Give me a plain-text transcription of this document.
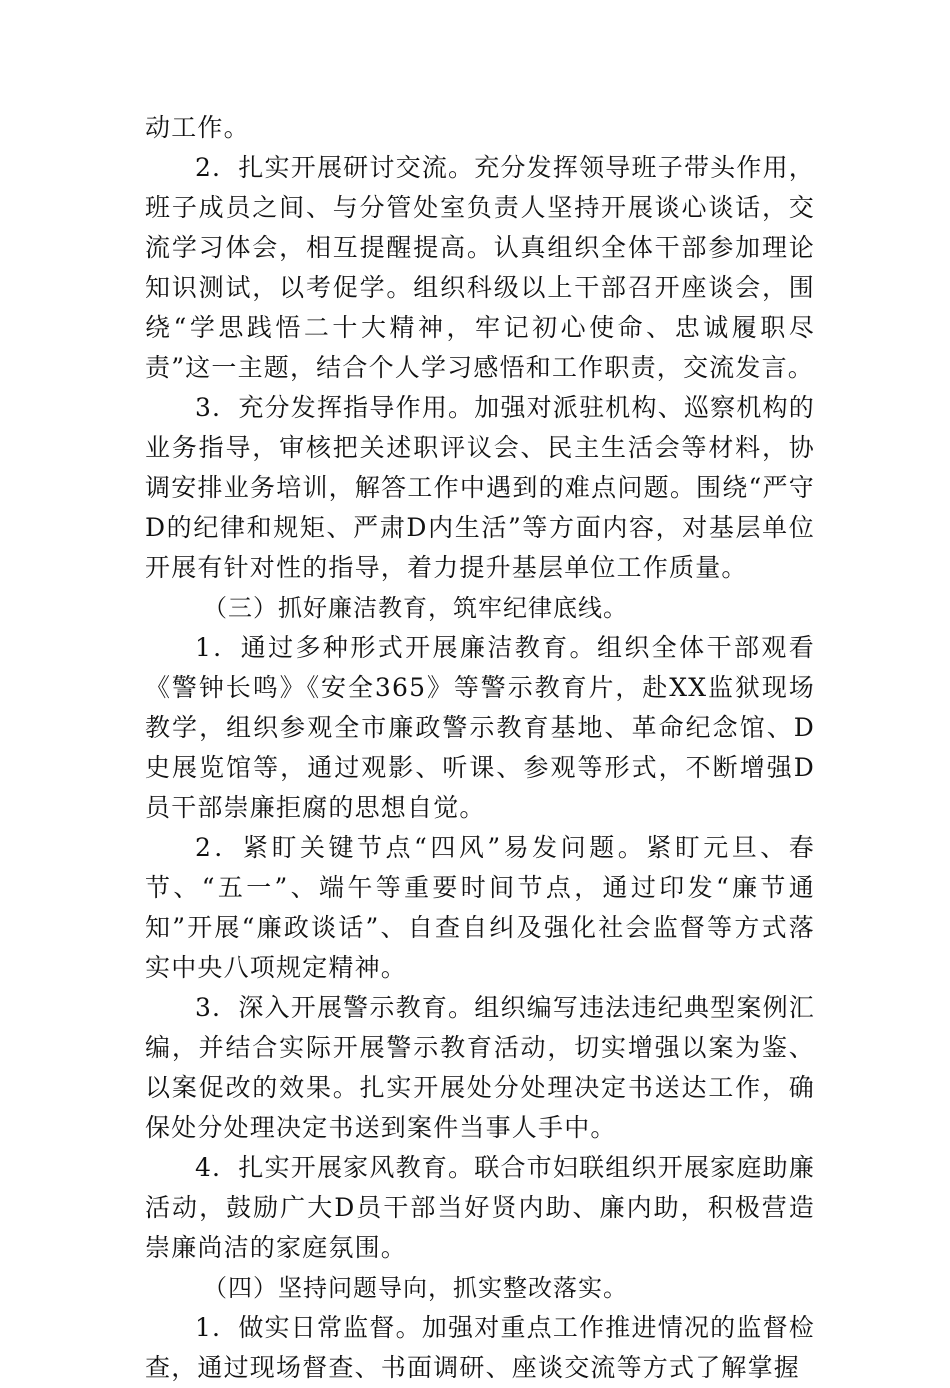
动工作。

2．扎实开展研讨交流。充分发挥领导班子带头作用，班子成员之间、与分管处室负责人坚持开展谈心谈话，交流学习体会，相互提醒提高。认真组织全体干部参加理论知识测试，以考促学。组织科级以上干部召开座谈会，围绕“学思践悟二十大精神，牢记初心使命、忠诚履职尽责”这一主题，结合个人学习感悟和工作职责，交流发言。

3．充分发挥指导作用。加强对派驻机构、巡察机构的业务指导，审核把关述职评议会、民主生活会等材料，协调安排业务培训，解答工作中遇到的难点问题。围绕“严守D的纪律和规矩、严肃D内生活”等方面内容，对基层单位开展有针对性的指导，着力提升基层单位工作质量。

（三）抓好廉洁教育，筑牢纪律底线。

1．通过多种形式开展廉洁教育。组织全体干部观看《警钟长鸣》《安全365》等警示教育片，赴XX监狱现场教学，组织参观全市廉政警示教育基地、革命纪念馆、D史展览馆等，通过观影、听课、参观等形式，不断增强D员干部崇廉拒腐的思想自觉。

2．紧盯关键节点“四风”易发问题。紧盯元旦、春节、“五一”、端午等重要时间节点，通过印发“廉节通知”开展“廉政谈话”、自查自纠及强化社会监督等方式落实中央八项规定精神。

3．深入开展警示教育。组织编写违法违纪典型案例汇编，并结合实际开展警示教育活动，切实增强以案为鉴、以案促改的效果。扎实开展处分处理决定书送达工作，确保处分处理决定书送到案件当事人手中。

4．扎实开展家风教育。联合市妇联组织开展家庭助廉活动，鼓励广大D员干部当好贤内助、廉内助，积极营造崇廉尚洁的家庭氛围。

（四）坚持问题导向，抓实整改落实。

1．做实日常监督。加强对重点工作推进情况的监督检查，通过现场督查、书面调研、座谈交流等方式了解掌握
